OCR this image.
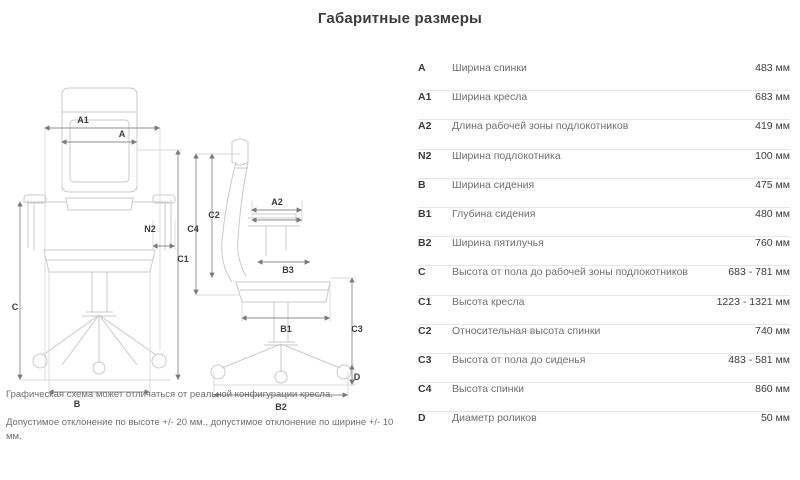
Габаритные размеры
A1
A
N2
C
B
C1
C2
C4
A2
B3
B1
B2
C3
D
Графическая схема может отличаться от реальной конфигурации кресла.
Допустимое отклонение по высоте +/- 20 мм., допустимое отклонение по ширине +/- 10 мм.
A	Ширина спинки	483 мм
A1	Ширина кресла	683 мм
A2	Длина рабочей зоны подлокотников	419 мм
N2	Ширина подлокотника	100 мм
B	Ширина сидения	475 мм
B1	Глубина сидения	480 мм
B2	Ширина пятилучья	760 мм
C	Высота от пола до рабочей зоны подлокотников	683 - 781 мм
C1	Высота кресла	1223 - 1321 мм
C2	Относительная высота спинки	740 мм
C3	Высота от пола до сиденья	483 - 581 мм
C4	Высота спинки	860 мм
D	Диаметр роликов	50 мм
